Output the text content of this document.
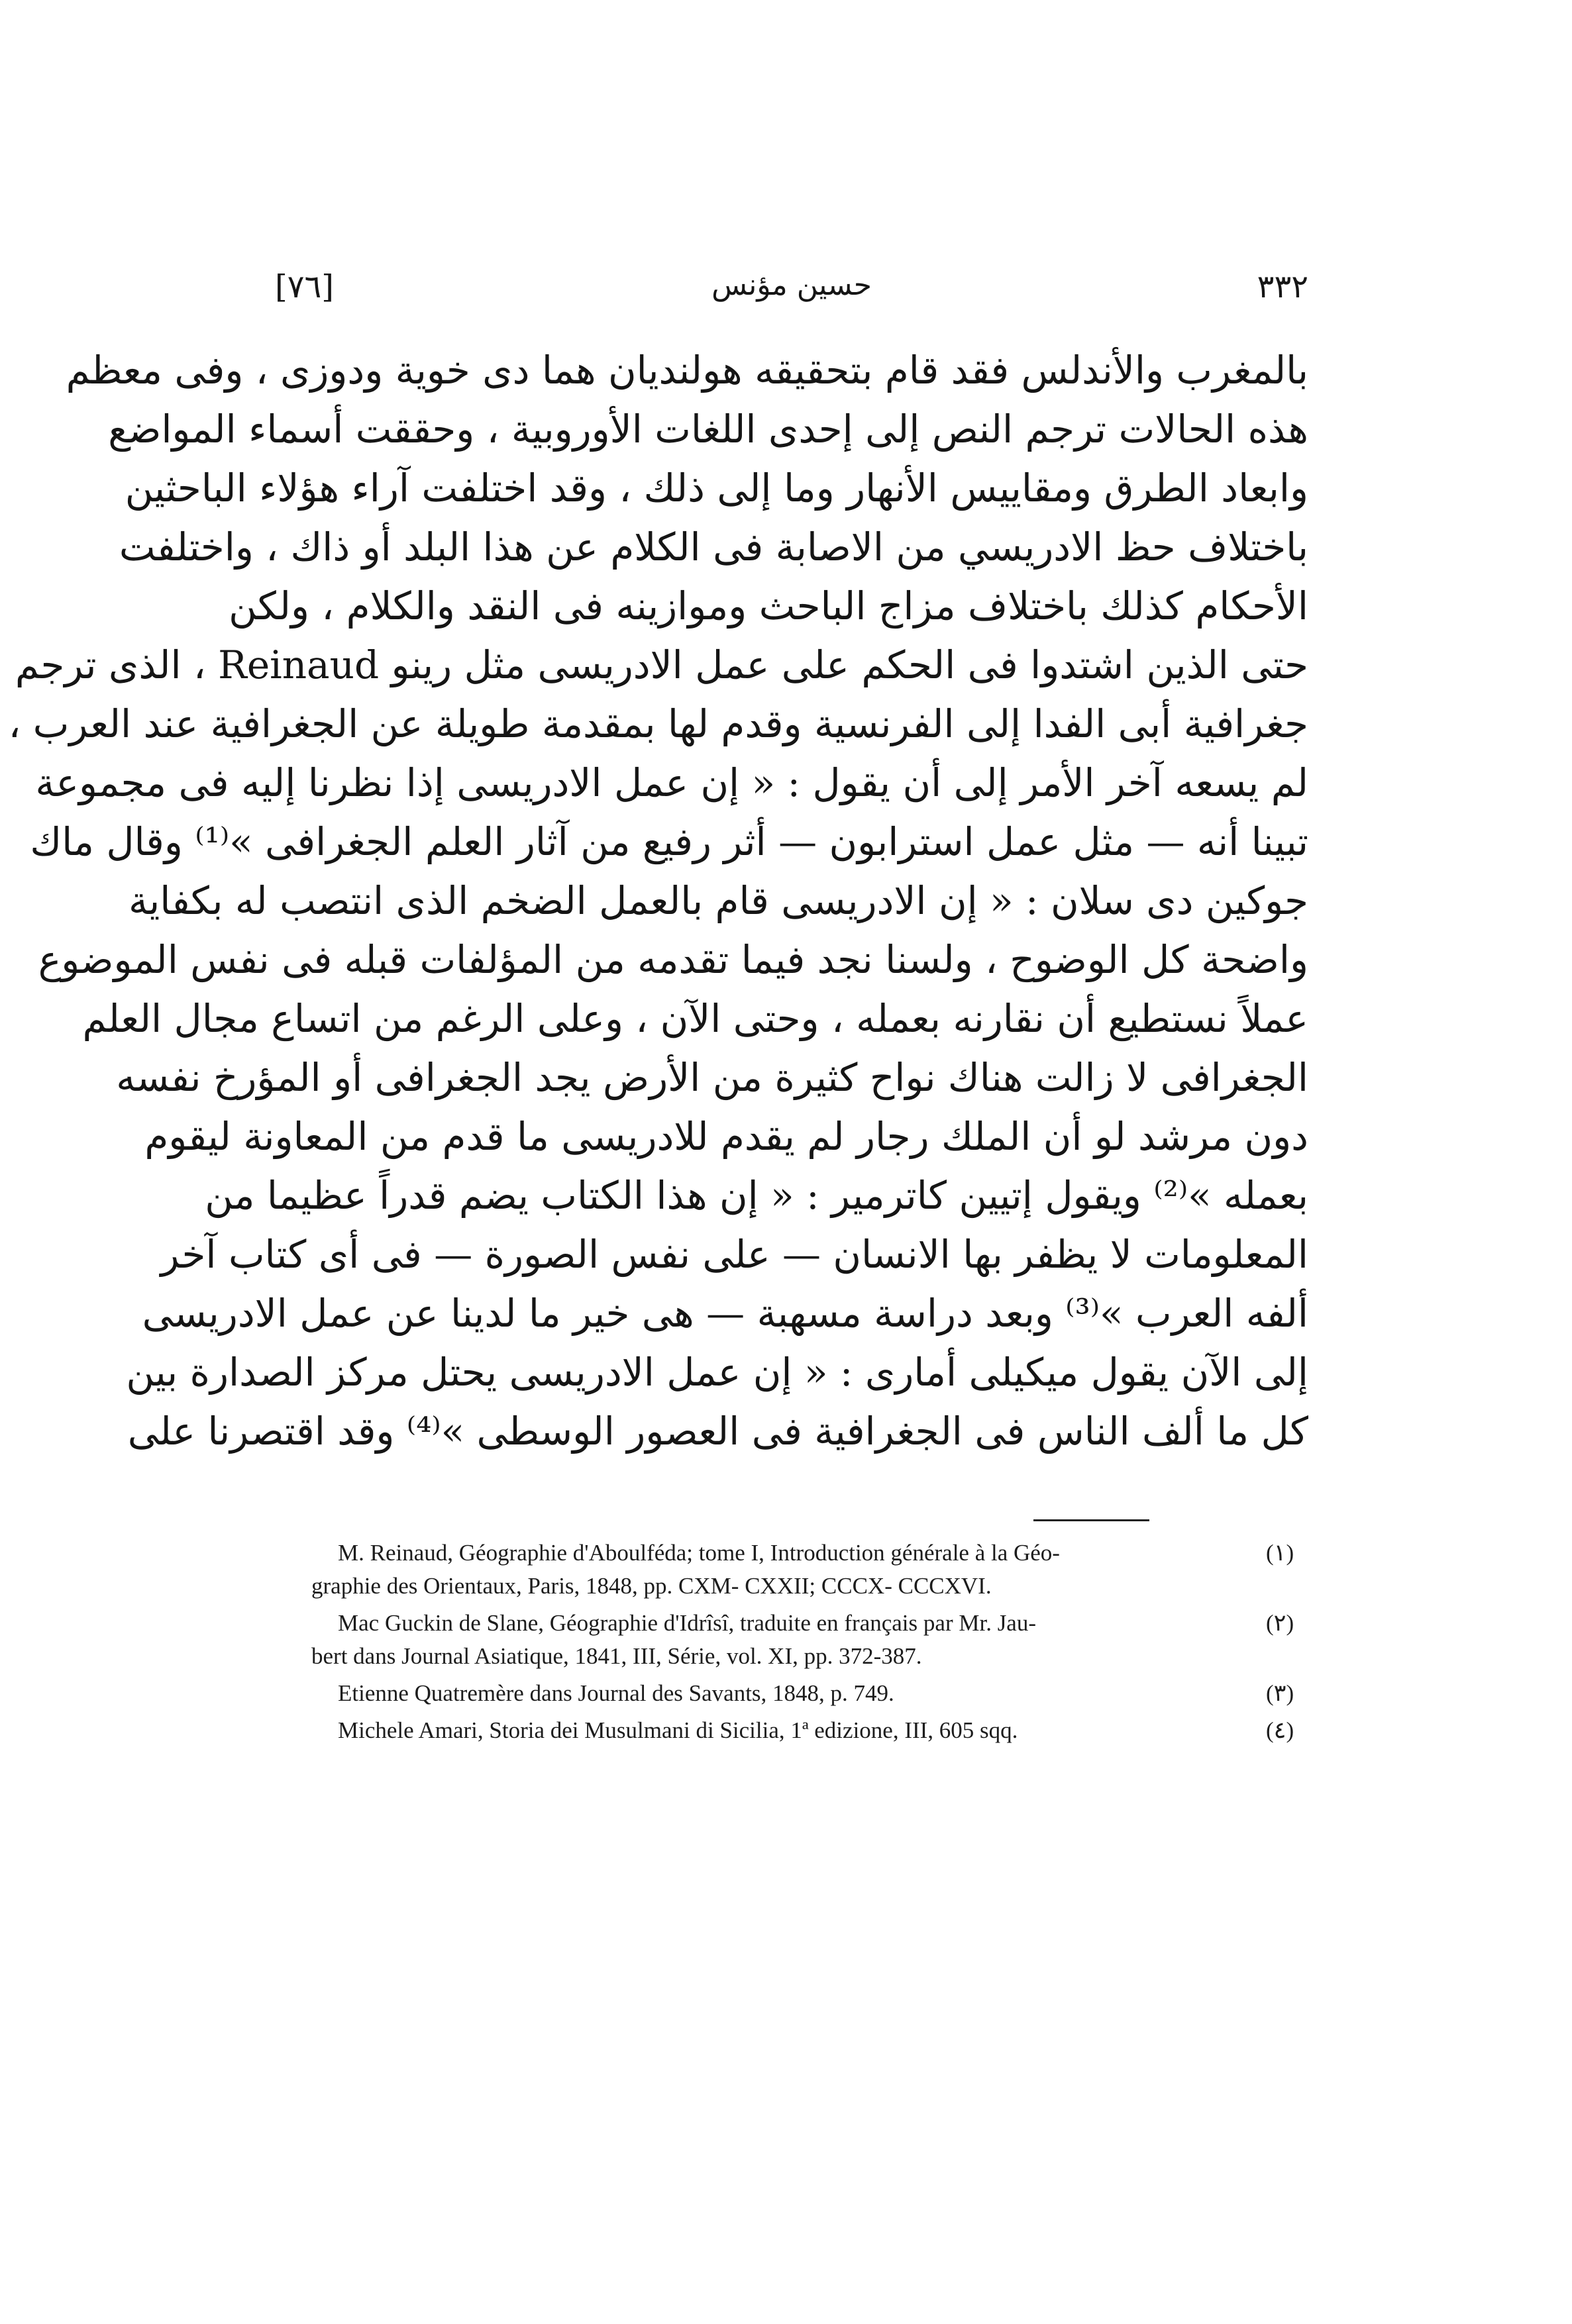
[٧٦]	حسين مؤنس	٣٣٢
بالمغرب والأندلس فقد قام بتحقيقه هولنديان هما دى خوية ودوزى ، وفى معظم
هذه الحالات ترجم النص إلى إحدى اللغات الأوروبية ، وحققت أسماء المواضع
وابعاد الطرق ومقاييس الأنهار وما إلى ذلك ، وقد اختلفت آراء هؤلاء الباحثين
باختلاف حظ الادريسي من الاصابة فى الكلام عن هذا البلد أو ذاك ، واختلفت
الأحكام كذلك باختلاف مزاج الباحث وموازينه فى النقد والكلام ، ولكن
حتى الذين اشتدوا فى الحكم على عمل الادريسى مثل رينو Reinaud ، الذى ترجم
جغرافية أبى الفدا إلى الفرنسية وقدم لها بمقدمة طويلة عن الجغرافية عند العرب ،
لم يسعه آخر الأمر إلى أن يقول : « إن عمل الادريسى إذا نظرنا إليه فى مجموعة
تبينا أنه — مثل عمل استرابون — أثر رفيع من آثار العلم الجغرافى »⁽¹⁾ وقال ماك
جوكين دى سلان : « إن الادريسى قام بالعمل الضخم الذى انتصب له بكفاية
واضحة كل الوضوح ، ولسنا نجد فيما تقدمه من المؤلفات قبله فى نفس الموضوع
عملاً نستطيع أن نقارنه بعمله ، وحتى الآن ، وعلى الرغم من اتساع مجال العلم
الجغرافى لا زالت هناك نواح كثيرة من الأرض يجد الجغرافى أو المؤرخ نفسه
دون مرشد لو أن الملك رجار لم يقدم للادريسى ما قدم من المعاونة ليقوم
بعمله »⁽²⁾ ويقول إتيين كاترمير : « إن هذا الكتاب يضم قدراً عظيما من
المعلومات لا يظفر بها الانسان — على نفس الصورة — فى أى كتاب آخر
ألفه العرب »⁽³⁾ وبعد دراسة مسهبة — هى خير ما لدينا عن عمل الادريسى
إلى الآن يقول ميكيلى أمارى : « إن عمل الادريسى يحتل مركز الصدارة بين
كل ما ألف الناس فى الجغرافية فى العصور الوسطى »⁽⁴⁾ وقد اقتصرنا على
(١)
M. Reinaud, Géographie d'Aboulféda; tome I, Introduction générale à la Géo-
graphie des Orientaux, Paris, 1848, pp. CXM- CXXII; CCCX- CCCXVI.
(٢)
Mac Guckin de Slane, Géographie d'Idrîsî, traduite en français par Mr. Jau-
bert dans Journal Asiatique, 1841, III, Série, vol. XI, pp. 372-387.
(٣)
Etienne Quatremère dans Journal des Savants, 1848, p. 749.
(٤)
Michele Amari, Storia dei Musulmani di Sicilia, 1ª edizione, III, 605 sqq.
